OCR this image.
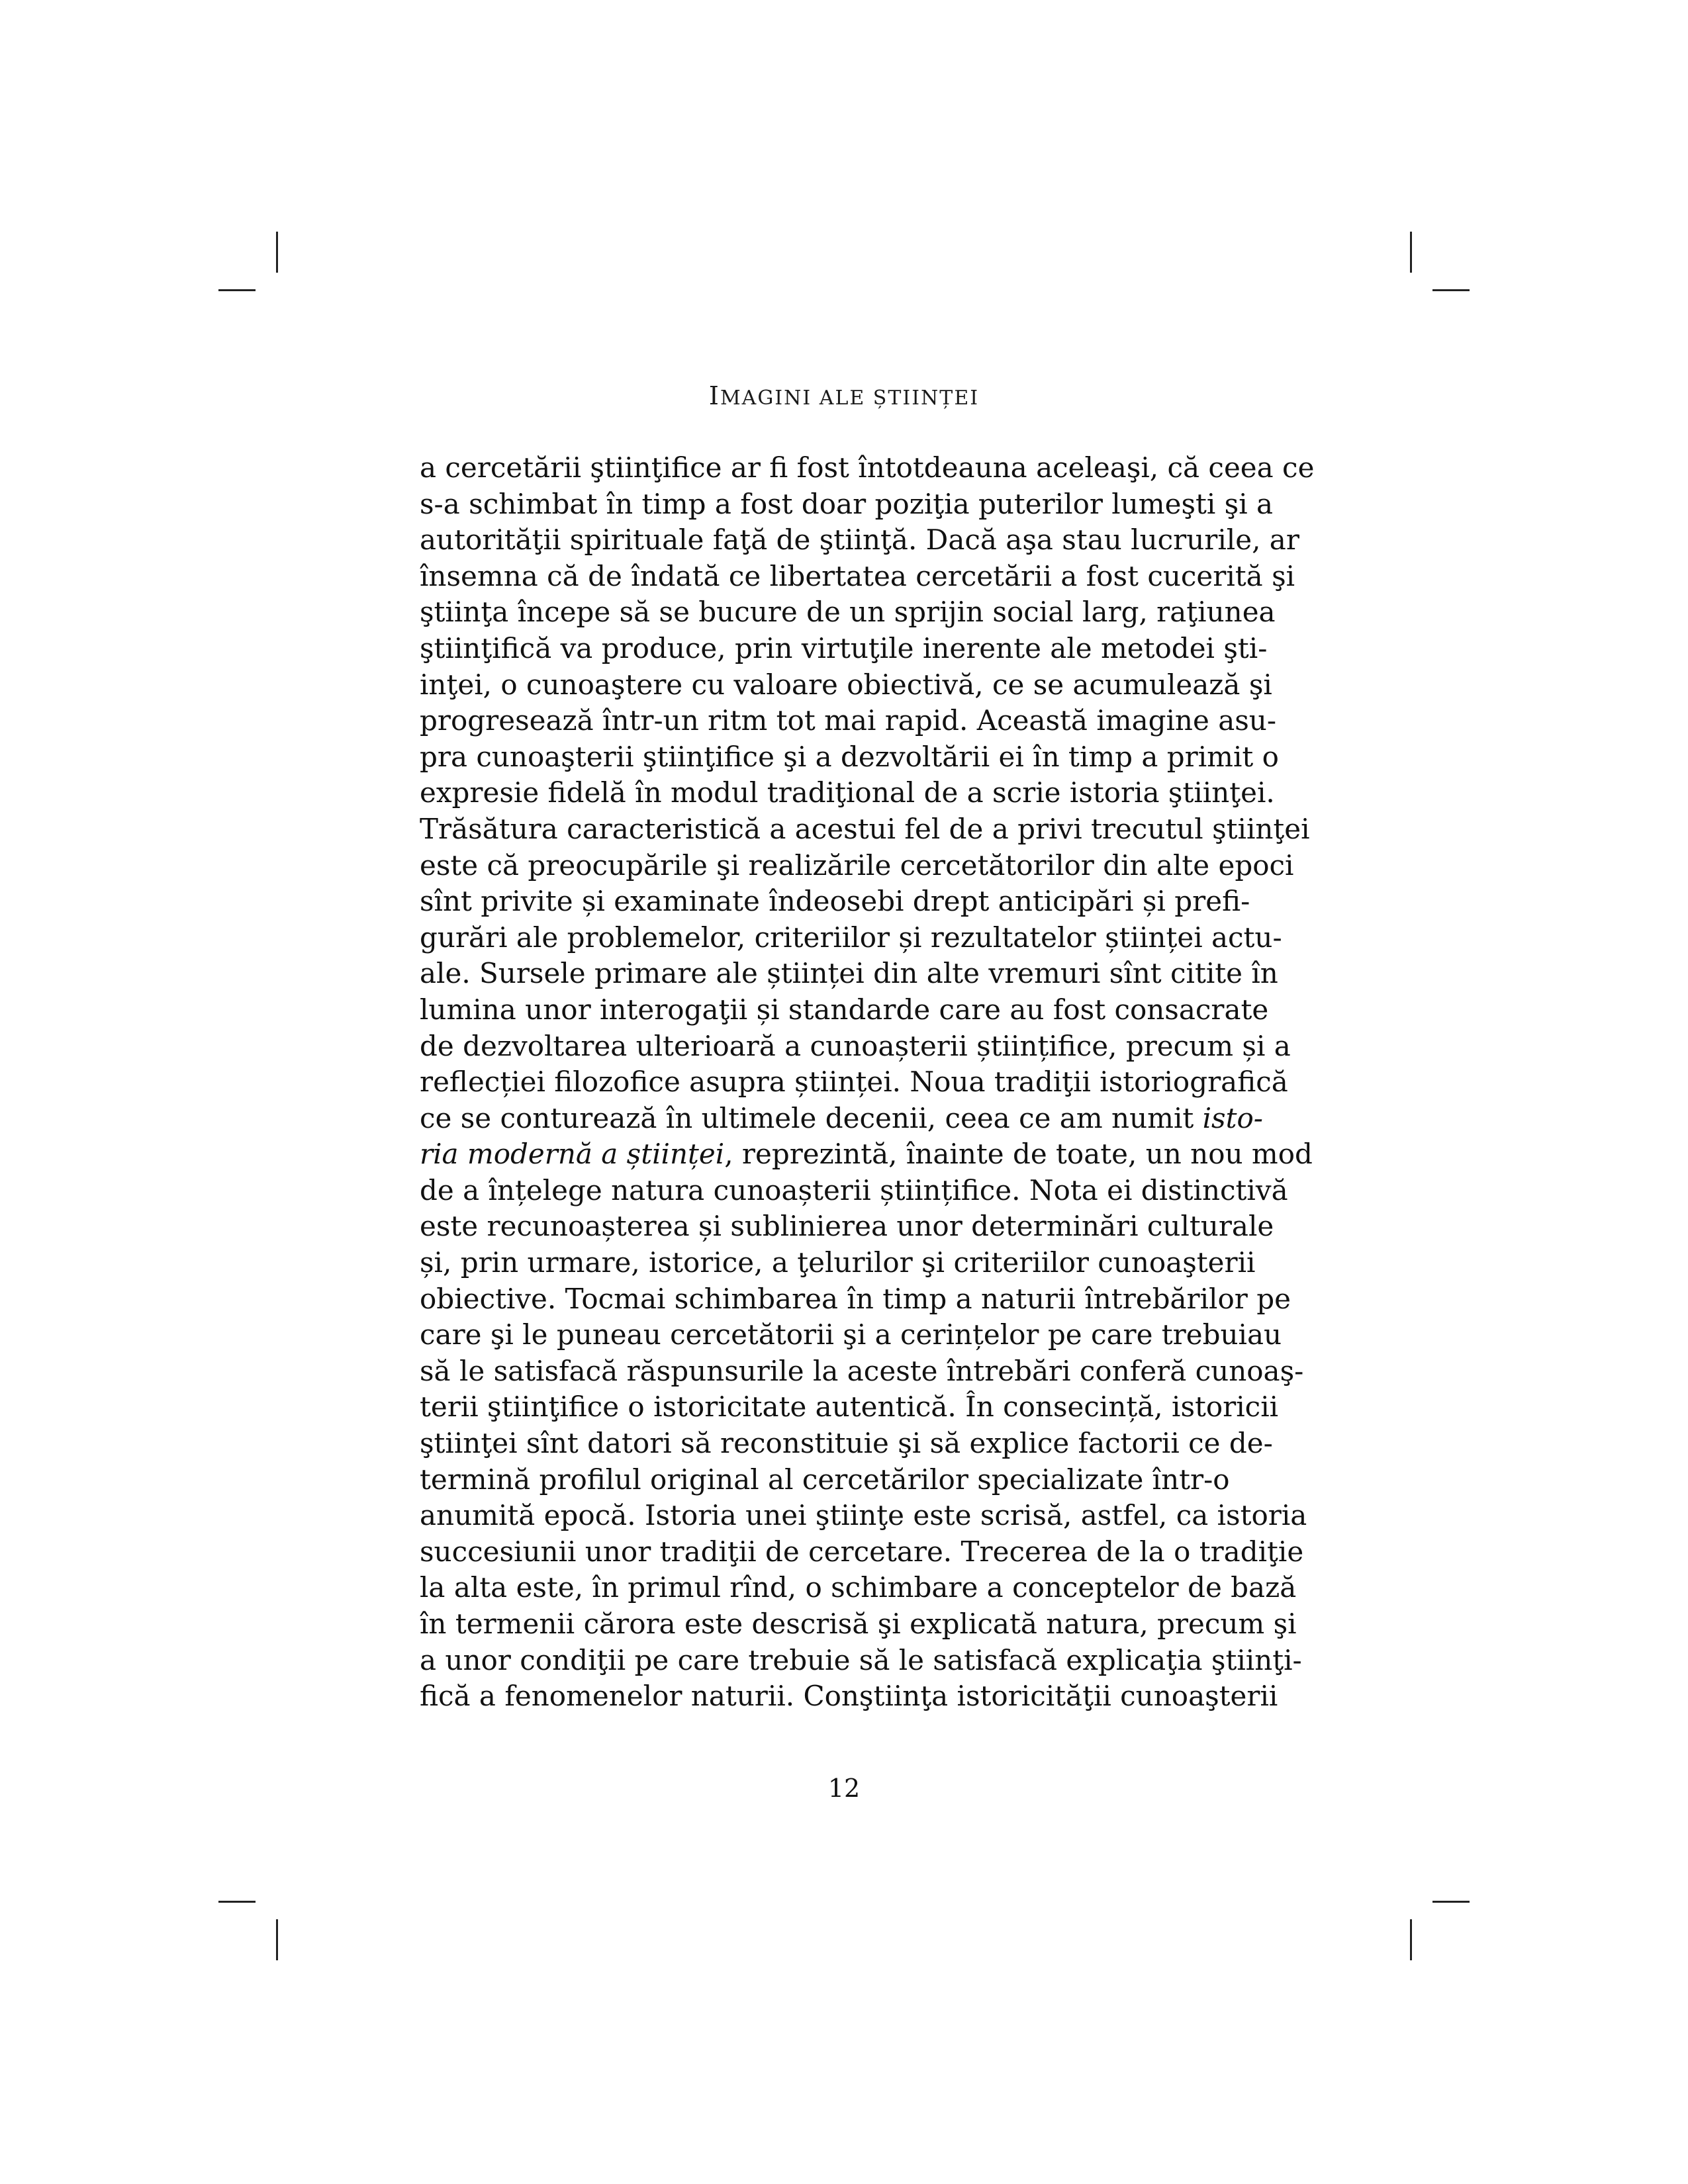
IMAGINI ALE ȘTIINȚEI
a cercetării ştiinţifice ar fi fost întotdeauna aceleaşi, că ceea ce
s-a schimbat în timp a fost doar poziţia puterilor lumeşti şi a
autorităţii spirituale faţă de ştiinţă. Dacă aşa stau lucrurile, ar
însemna că de îndată ce libertatea cercetării a fost cucerită şi
ştiinţa începe să se bucure de un sprijin social larg, raţiunea
ştiinţifică va produce, prin virtuţile inerente ale metodei şti-
inţei, o cunoaştere cu valoare obiectivă, ce se acumulează şi
progresează într-un ritm tot mai rapid. Această imagine asu-
pra cunoaşterii ştiinţifice şi a dezvoltării ei în timp a primit o
expresie fidelă în modul tradiţional de a scrie istoria ştiinţei.
Trăsătura caracteristică a acestui fel de a privi trecutul ştiinţei
este că preocupările şi realizările cercetătorilor din alte epoci
sînt privite și examinate îndeosebi drept anticipări și prefi-
gurări ale problemelor, criteriilor și rezultatelor științei actu-
ale. Sursele primare ale științei din alte vremuri sînt citite în
lumina unor interogaţii și standarde care au fost consacrate
de dezvoltarea ulterioară a cunoașterii științifice, precum și a
reflecției filozofice asupra științei. Noua tradiţii istoriografică
ce se conturează în ultimele decenii, ceea ce am numit isto-
ria modernă a științei, reprezintă, înainte de toate, un nou mod
de a înțelege natura cunoașterii științifice. Nota ei distinctivă
este recunoașterea și sublinierea unor determinări culturale
și, prin urmare, istorice, a ţelurilor şi criteriilor cunoaşterii
obiective. Tocmai schimbarea în timp a naturii întrebărilor pe
care şi le puneau cercetătorii şi a cerințelor pe care trebuiau
să le satisfacă răspunsurile la aceste întrebări conferă cunoaş-
terii ştiinţifice o istoricitate autentică. În consecință, istoricii
ştiinţei sînt datori să reconstituie şi să explice factorii ce de-
termină profilul original al cercetărilor specializate într-o
anumită epocă. Istoria unei ştiinţe este scrisă, astfel, ca istoria
succesiunii unor tradiţii de cercetare. Trecerea de la o tradiţie
la alta este, în primul rînd, o schimbare a conceptelor de bază
în termenii cărora este descrisă şi explicată natura, precum şi
a unor condiţii pe care trebuie să le satisfacă explicaţia ştiinţi-
fică a fenomenelor naturii. Conştiinţa istoricităţii cunoaşterii
12
